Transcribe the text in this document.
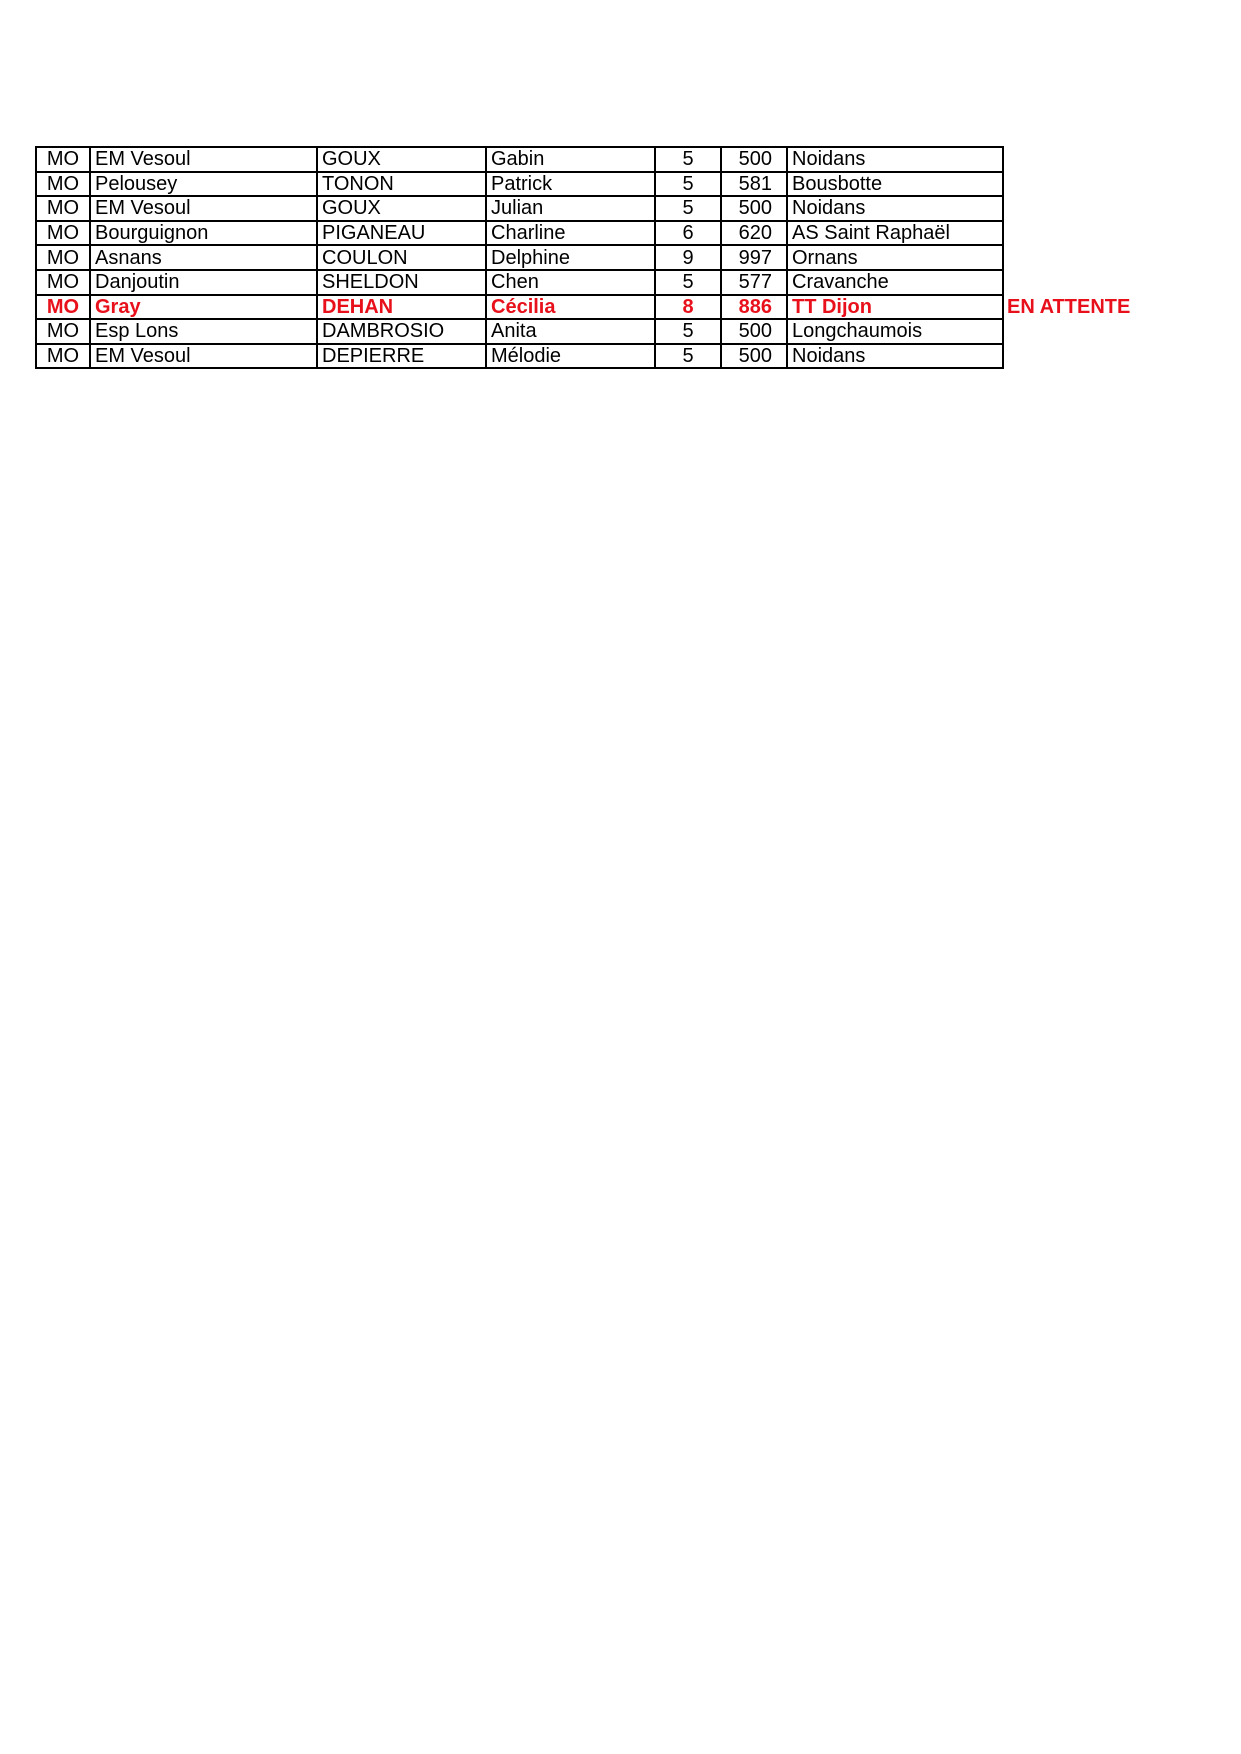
MO	EM Vesoul	GOUX	Gabin	5	500	Noidans	
MO	Pelousey	TONON	Patrick	5	581	Bousbotte	
MO	EM Vesoul	GOUX	Julian	5	500	Noidans	
MO	Bourguignon	PIGANEAU	Charline	6	620	AS Saint Raphaël	
MO	Asnans	COULON	Delphine	9	997	Ornans	
MO	Danjoutin	SHELDON	Chen	5	577	Cravanche	
MO	Gray	DEHAN	Cécilia	8	886	TT Dijon	EN ATTENTE
MO	Esp Lons	DAMBROSIO	Anita	5	500	Longchaumois	
MO	EM Vesoul	DEPIERRE	Mélodie	5	500	Noidans	
